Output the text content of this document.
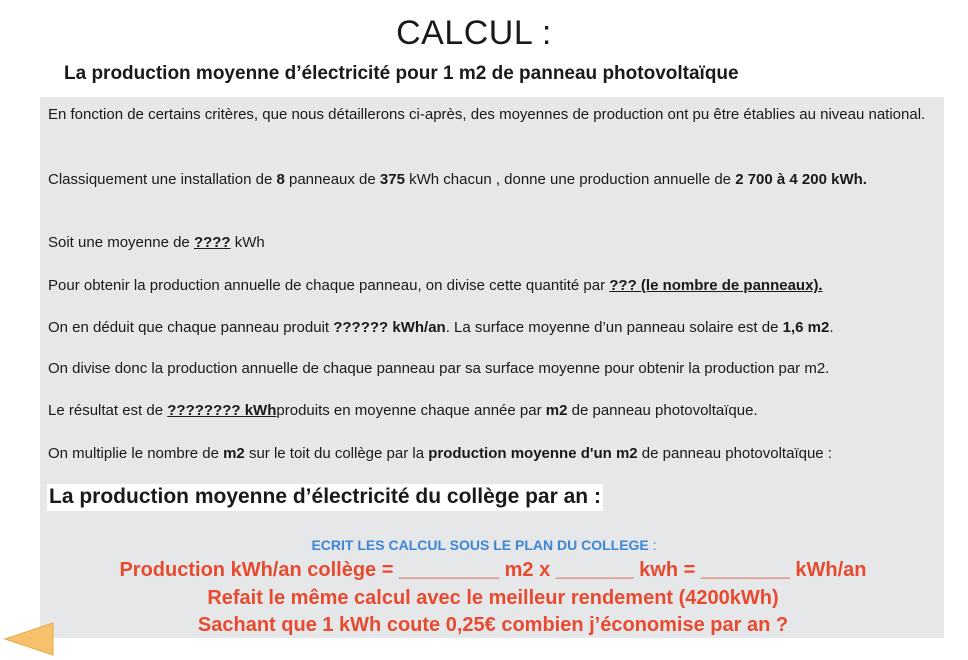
CALCUL :
La production moyenne d’électricité pour 1 m2 de panneau photovoltaïque
En fonction de certains critères, que nous détaillerons ci-après, des moyennes de production ont pu être établies au niveau national.
Classiquement une installation de 8 panneaux de 375 kWh chacun , donne une production annuelle de 2 700 à 4 200 kWh.
Soit une moyenne de ???? kWh
Pour obtenir la production annuelle de chaque panneau, on divise cette quantité par ??? (le nombre de panneaux).
On en déduit que chaque panneau produit ?????? kWh/an. La surface moyenne d’un panneau solaire est de 1,6 m2.
On divise donc la production annuelle de chaque panneau par sa surface moyenne pour obtenir la production par m2.
Le résultat est de ???????? kWhproduits en moyenne chaque année par m2 de panneau photovoltaïque.
On multiplie le nombre de m2 sur le toit du collège par la production moyenne d'un m2 de panneau photovoltaïque :
La production moyenne d’électricité du collège par an :
ECRIT LES CALCUL SOUS LE PLAN DU COLLEGE :
Production kWh/an collège = _________ m2 x _______ kwh = ________ kWh/an
Refait le même calcul avec le meilleur rendement (4200kWh)
Sachant que 1 kWh coute 0,25€ combien j’économise par an ?
